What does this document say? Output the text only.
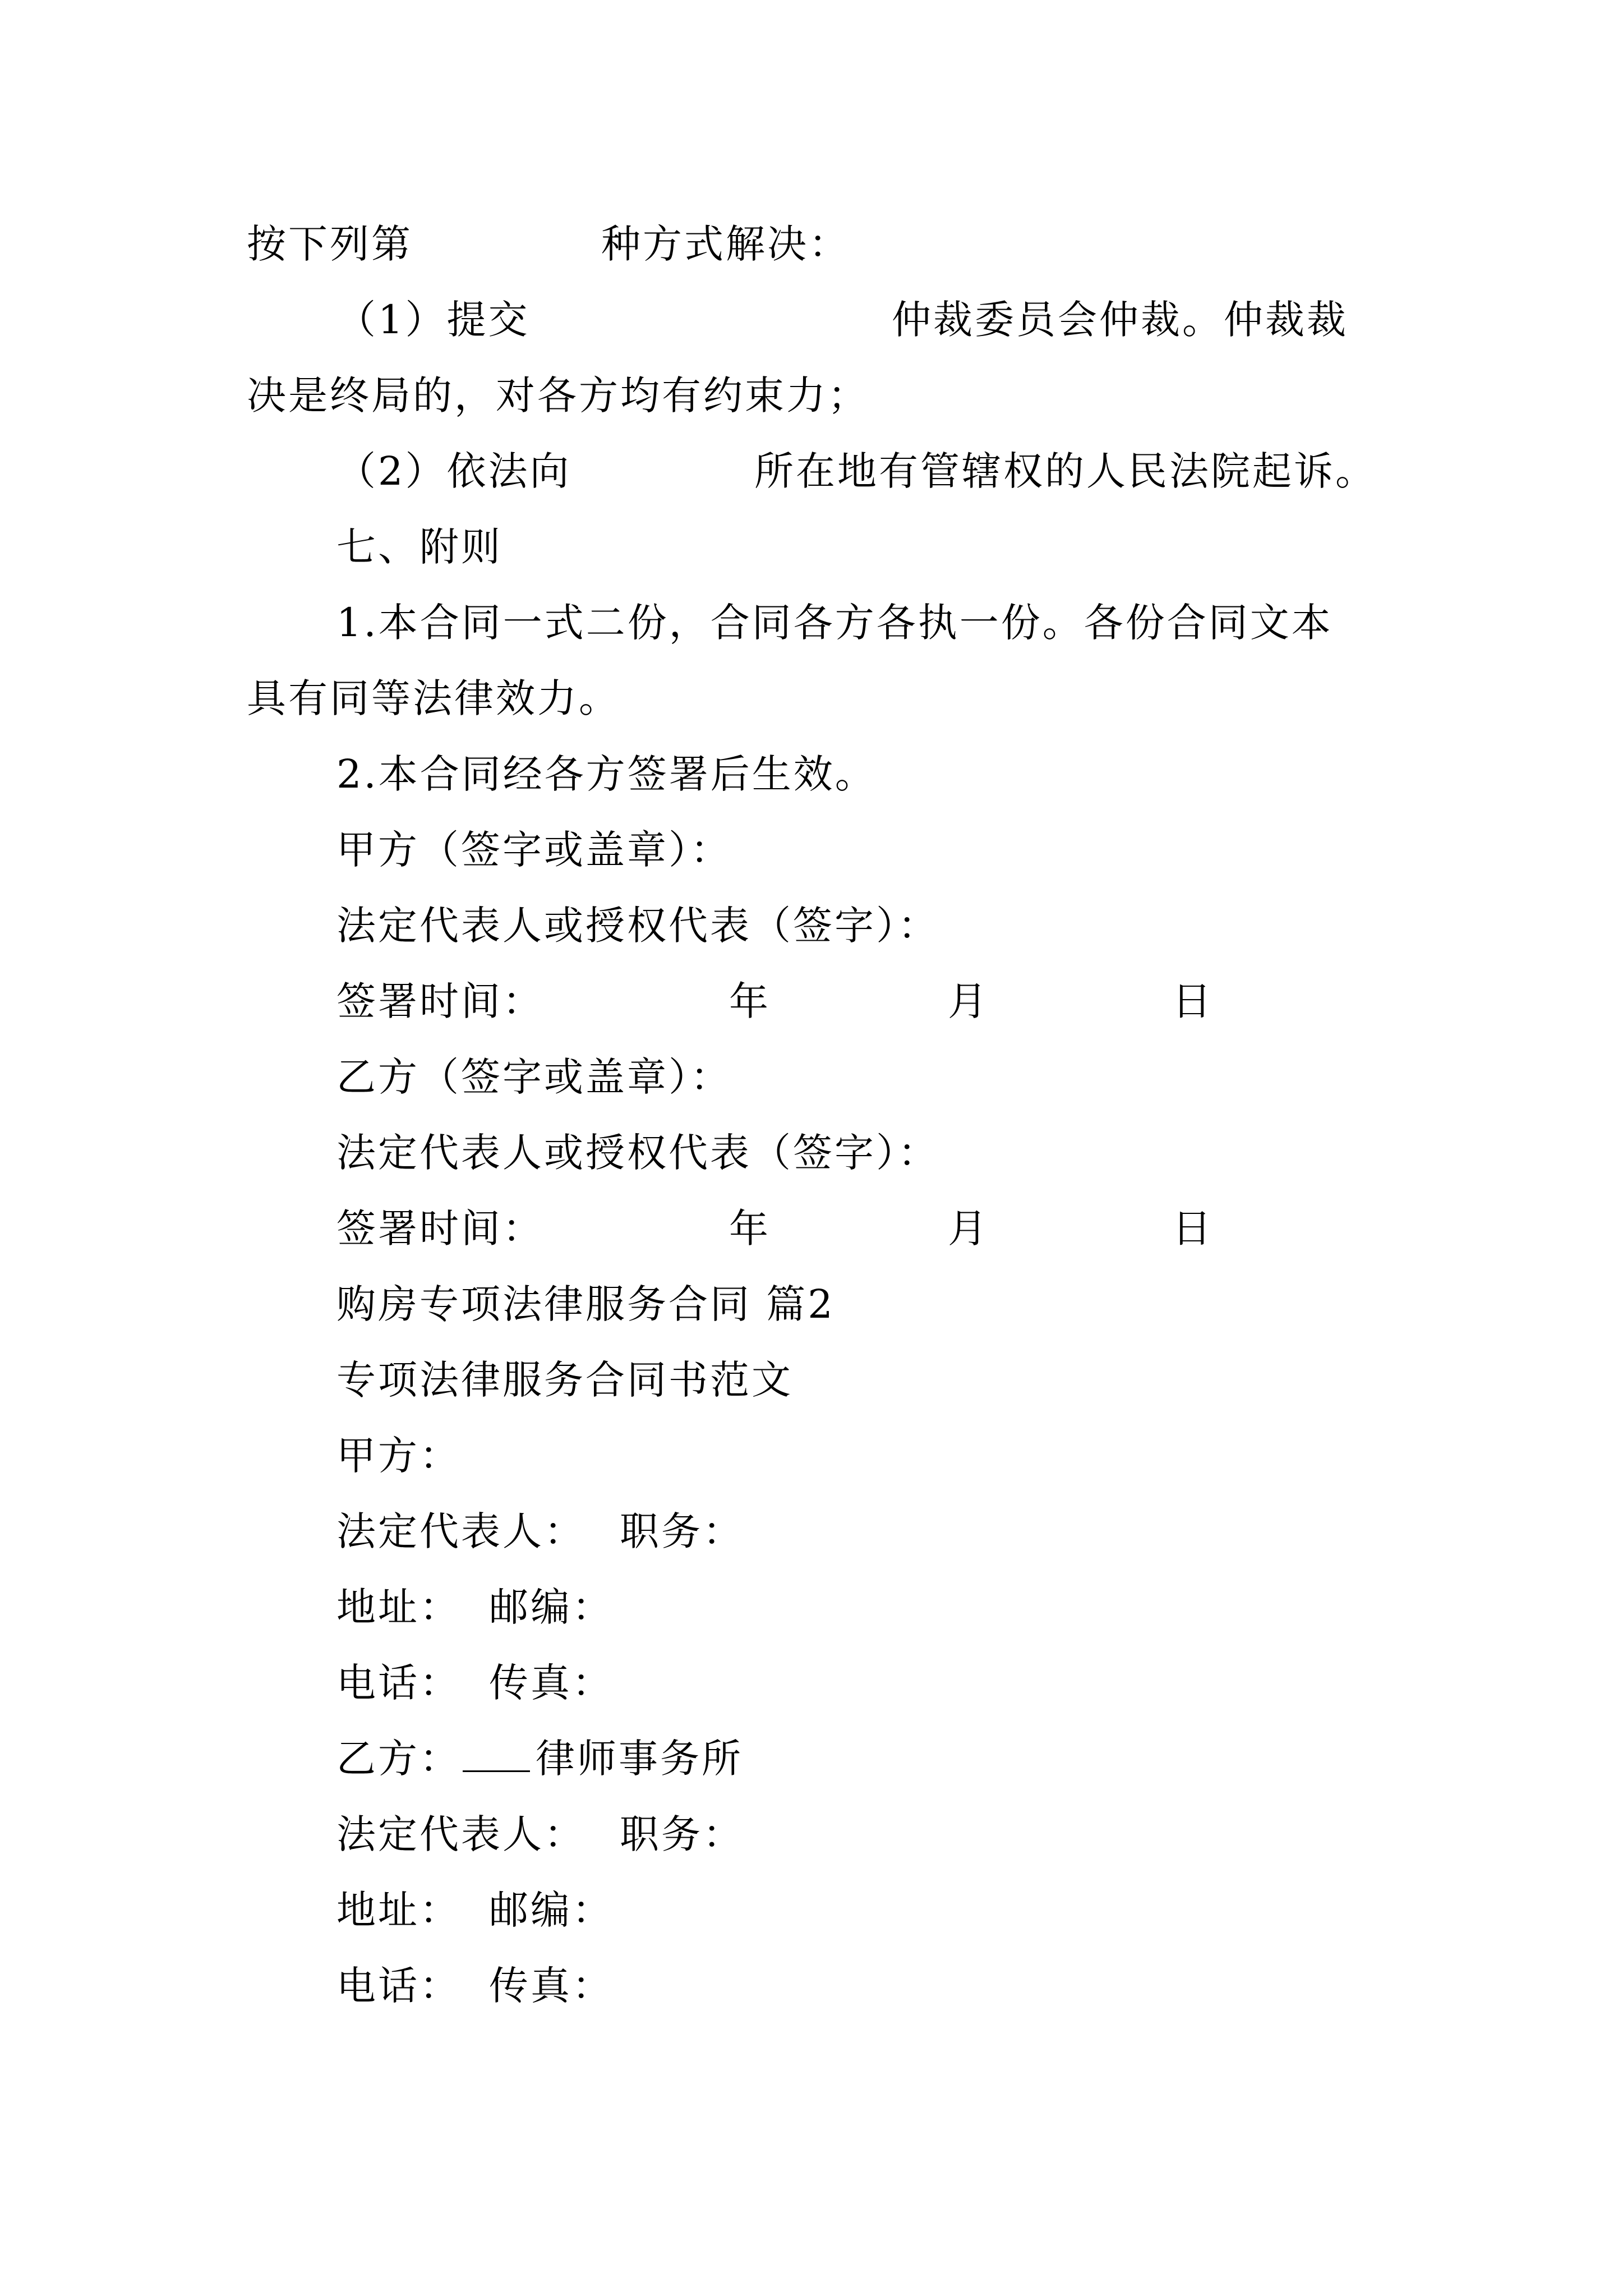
按下列第	种方式解决：
（1）提交	仲裁委员会仲裁。仲裁裁
决是终局的，对各方均有约束力；
（2）依法向	所在地有管辖权的人民法院起诉。
七、附则
1.本合同一式二份，合同各方各执一份。各份合同文本
具有同等法律效力。
2.本合同经各方签署后生效。
甲方（签字或盖章）：
法定代表人或授权代表（签字）：
签署时间：	年	月	日
乙方（签字或盖章）：
法定代表人或授权代表（签字）：
签署时间：	年	月	日
购房专项法律服务合同 篇2
专项法律服务合同书范文
甲方：
法定代表人： 职务：
地址： 邮编：
电话： 传真：
乙方： 律师事务所
法定代表人： 职务：
地址： 邮编：
电话： 传真：
